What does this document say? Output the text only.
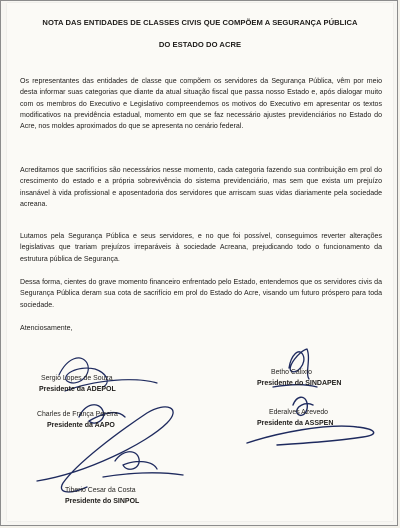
NOTA DAS ENTIDADES DE CLASSES CIVIS QUE COMPÕEM A SEGURANÇA PÚBLICA
DO ESTADO DO ACRE

Os representantes das entidades de classe que compõem os servidores da Segurança Pública, vêm por meio desta informar suas categorias que diante da atual situação fiscal que passa nosso Estado e, após dialogar muito com os membros do Executivo e Legislativo compreendemos os motivos do Executivo em apresentar os textos modificativos na previdência estadual, momento em que se faz necessário ajustes previdenciários no Estado do Acre, nos moldes aproximados do que se apresenta no cenário federal.

Acreditamos que sacrifícios são necessários nesse momento, cada categoria fazendo sua contribuição em prol do crescimento do estado e a própria sobrevivência do sistema previdenciário, mas sem que exista um prejuízo insanável à vida profissional e aposentadoria dos servidores que arriscam suas vidas diariamente pela sociedade acreana.

Lutamos pela Segurança Pública e seus servidores, e no que foi possível, conseguimos reverter alterações legislativas que trariam prejuízos irreparáveis à sociedade Acreana, prejudicando todo o funcionamento da estrutura pública de Segurança.

Dessa forma, cientes do grave momento financeiro enfrentado pelo Estado, entendemos que os servidores civis da Segurança Pública deram sua cota de sacrifício em prol do Estado do Acre, visando um futuro próspero para toda sociedade.

Atenciosamente,
Sergio Lopes de Souza
Presidente da ADEPOL
Betho Calixto
Presidente do SINDAPEN
Charles de França Pereira
Presidente da AAPO
Ederalves Azevedo
Presidente da ASSPEN
Tiberio Cesar da Costa
Presidente do SINPOL
